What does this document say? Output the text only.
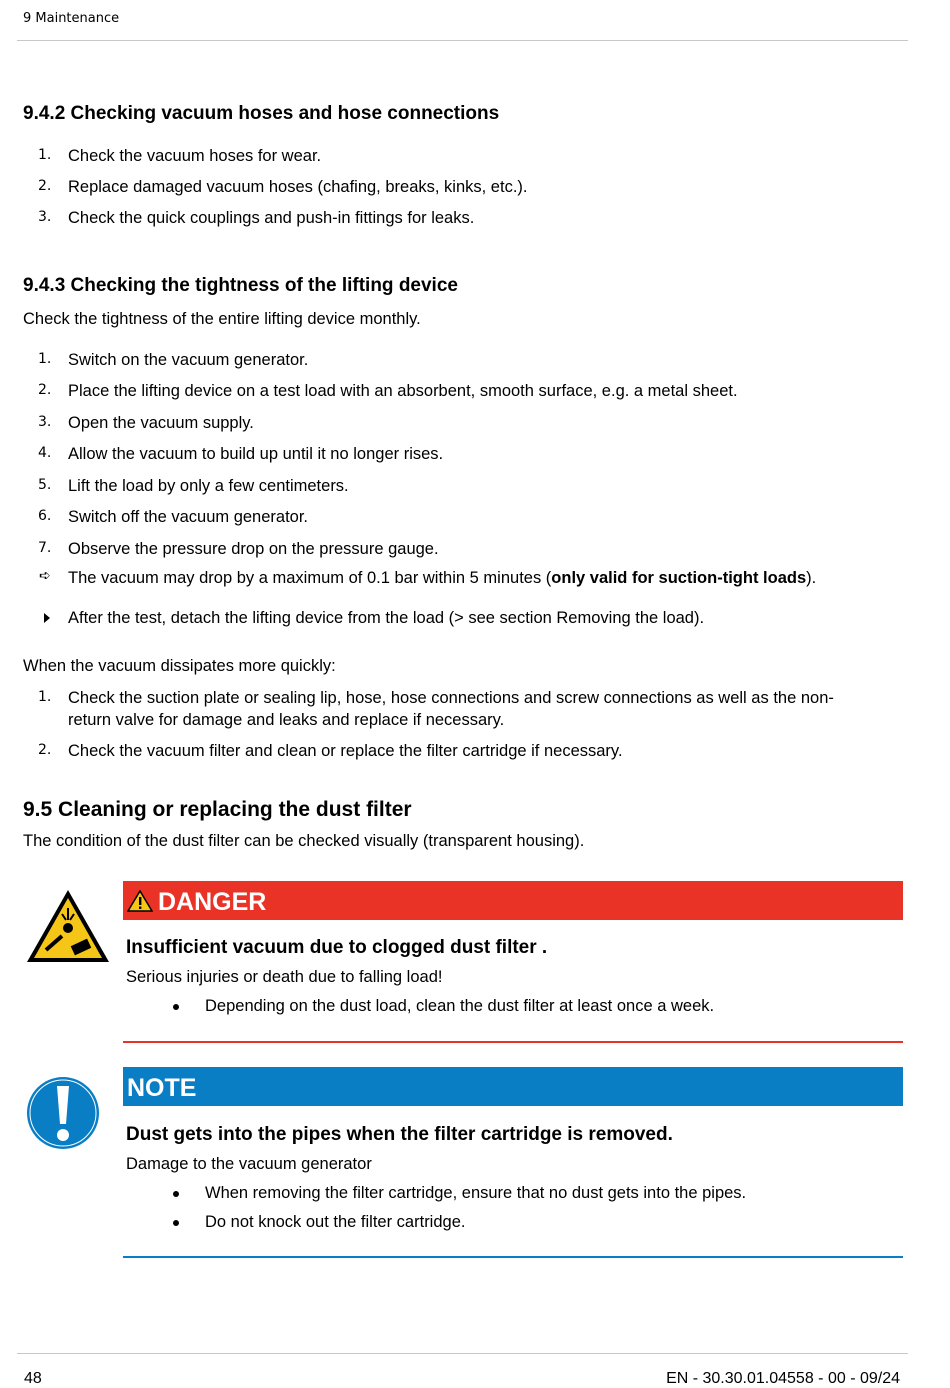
9 Maintenance
9.4.2 Checking vacuum hoses and hose connections
1. Check the vacuum hoses for wear.
2. Replace damaged vacuum hoses (chafing, breaks, kinks, etc.).
3. Check the quick couplings and push-in fittings for leaks.
9.4.3 Checking the tightness of the lifting device
Check the tightness of the entire lifting device monthly.
1. Switch on the vacuum generator.
2. Place the lifting device on a test load with an absorbent, smooth surface, e.g. a metal sheet.
3. Open the vacuum supply.
4. Allow the vacuum to build up until it no longer rises.
5. Lift the load by only a few centimeters.
6. Switch off the vacuum generator.
7. Observe the pressure drop on the pressure gauge.
➪ The vacuum may drop by a maximum of 0.1 bar within 5 minutes (only valid for suction-tight loads).
After the test, detach the lifting device from the load (> see section Removing the load).
When the vacuum dissipates more quickly:
1. Check the suction plate or sealing lip, hose, hose connections and screw connections as well as the non-
return valve for damage and leaks and replace if necessary.
2. Check the vacuum filter and clean or replace the filter cartridge if necessary.
9.5 Cleaning or replacing the dust filter
The condition of the dust filter can be checked visually (transparent housing).
DANGER
Insufficient vacuum due to clogged dust filter .
Serious injuries or death due to falling load!
Depending on the dust load, clean the dust filter at least once a week.
NOTE
Dust gets into the pipes when the filter cartridge is removed.
Damage to the vacuum generator
When removing the filter cartridge, ensure that no dust gets into the pipes.
Do not knock out the filter cartridge.
48	EN - 30.30.01.04558 - 00 - 09/24
